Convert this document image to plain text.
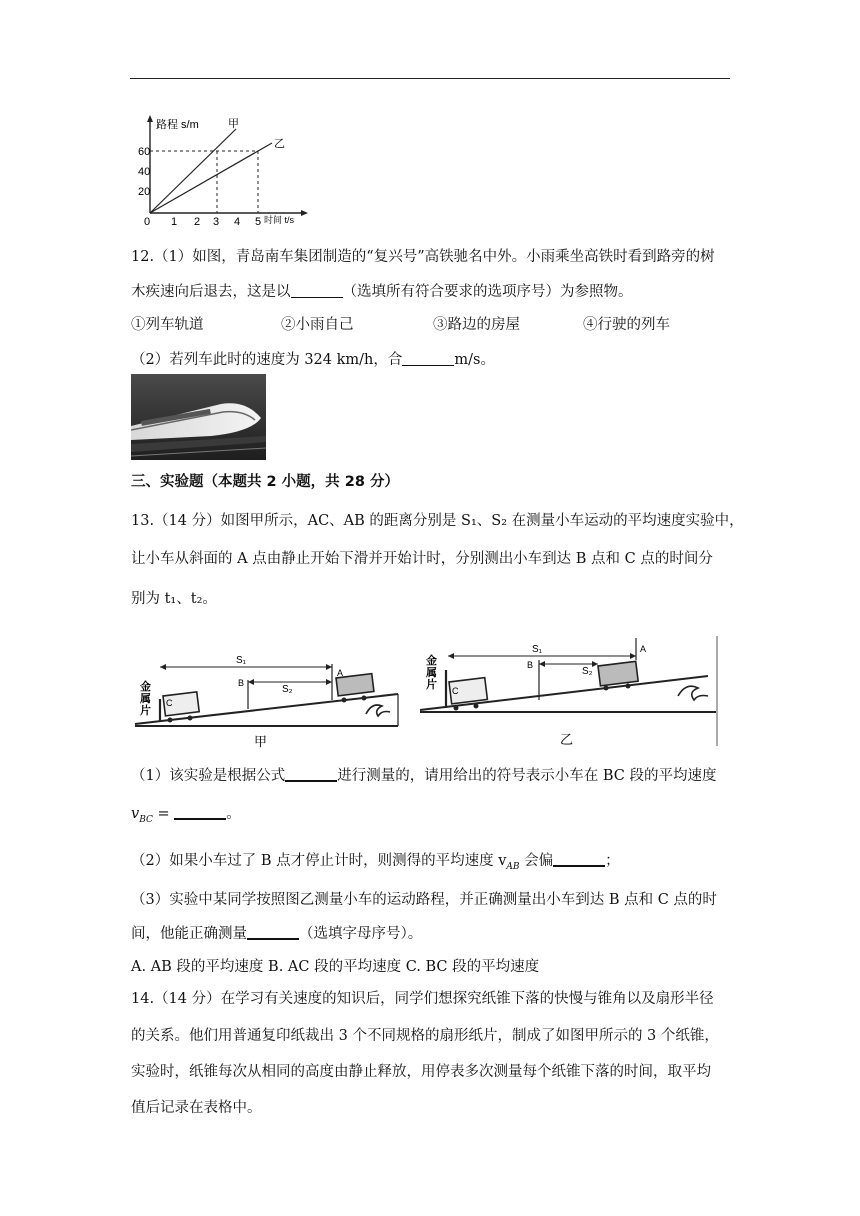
路程 s/m	甲
乙
60
40
20
0 1 2 3 4 5 时间 t/s
12.（1）如图，青岛南车集团制造的“复兴号”高铁驰名中外。小雨乘坐高铁时看到路旁的树
木疾速向后退去，这是以	（选填所有符合要求的选项序号）为参照物。
①列车轨道	②小雨自己	③路边的房屋	④行驶的列车
（2）若列车此时的速度为 324 km/h，合	m/s。
三、实验题（本题共 2 小题，共 28 分）
13.（14 分）如图甲所示，AC、AB 的距离分别是 S₁、S₂ 在测量小车运动的平均速度实验中，
让小车从斜面的 A 点由静止开始下滑并开始计时，分别测出小车到达 B 点和 C 点的时间分
别为 t₁、t₂。
金
属
片
C
S₁
B
S₂
A
甲
金
属
片 C
S₁
B
S₂
A
乙
（1）该实验是根据公式	进行测量的，请用给出的符号表示小车在 BC 段的平均速度
$v_{BC}$ =	。
（2）如果小车过了 B 点才停止计时，则测得的平均速度 $v_{AB}$ 会偏	；
（3）实验中某同学按照图乙测量小车的运动路程，并正确测量出小车到达 B 点和 C 点的时
间，他能正确测量	（选填字母序号）。
A. AB 段的平均速度 B. AC 段的平均速度 C. BC 段的平均速度
14.（14 分）在学习有关速度的知识后，同学们想探究纸锥下落的快慢与锥角以及扇形半径
的关系。他们用普通复印纸裁出 3 个不同规格的扇形纸片，制成了如图甲所示的 3 个纸锥，
实验时，纸锥每次从相同的高度由静止释放，用停表多次测量每个纸锥下落的时间，取平均
值后记录在表格中。
